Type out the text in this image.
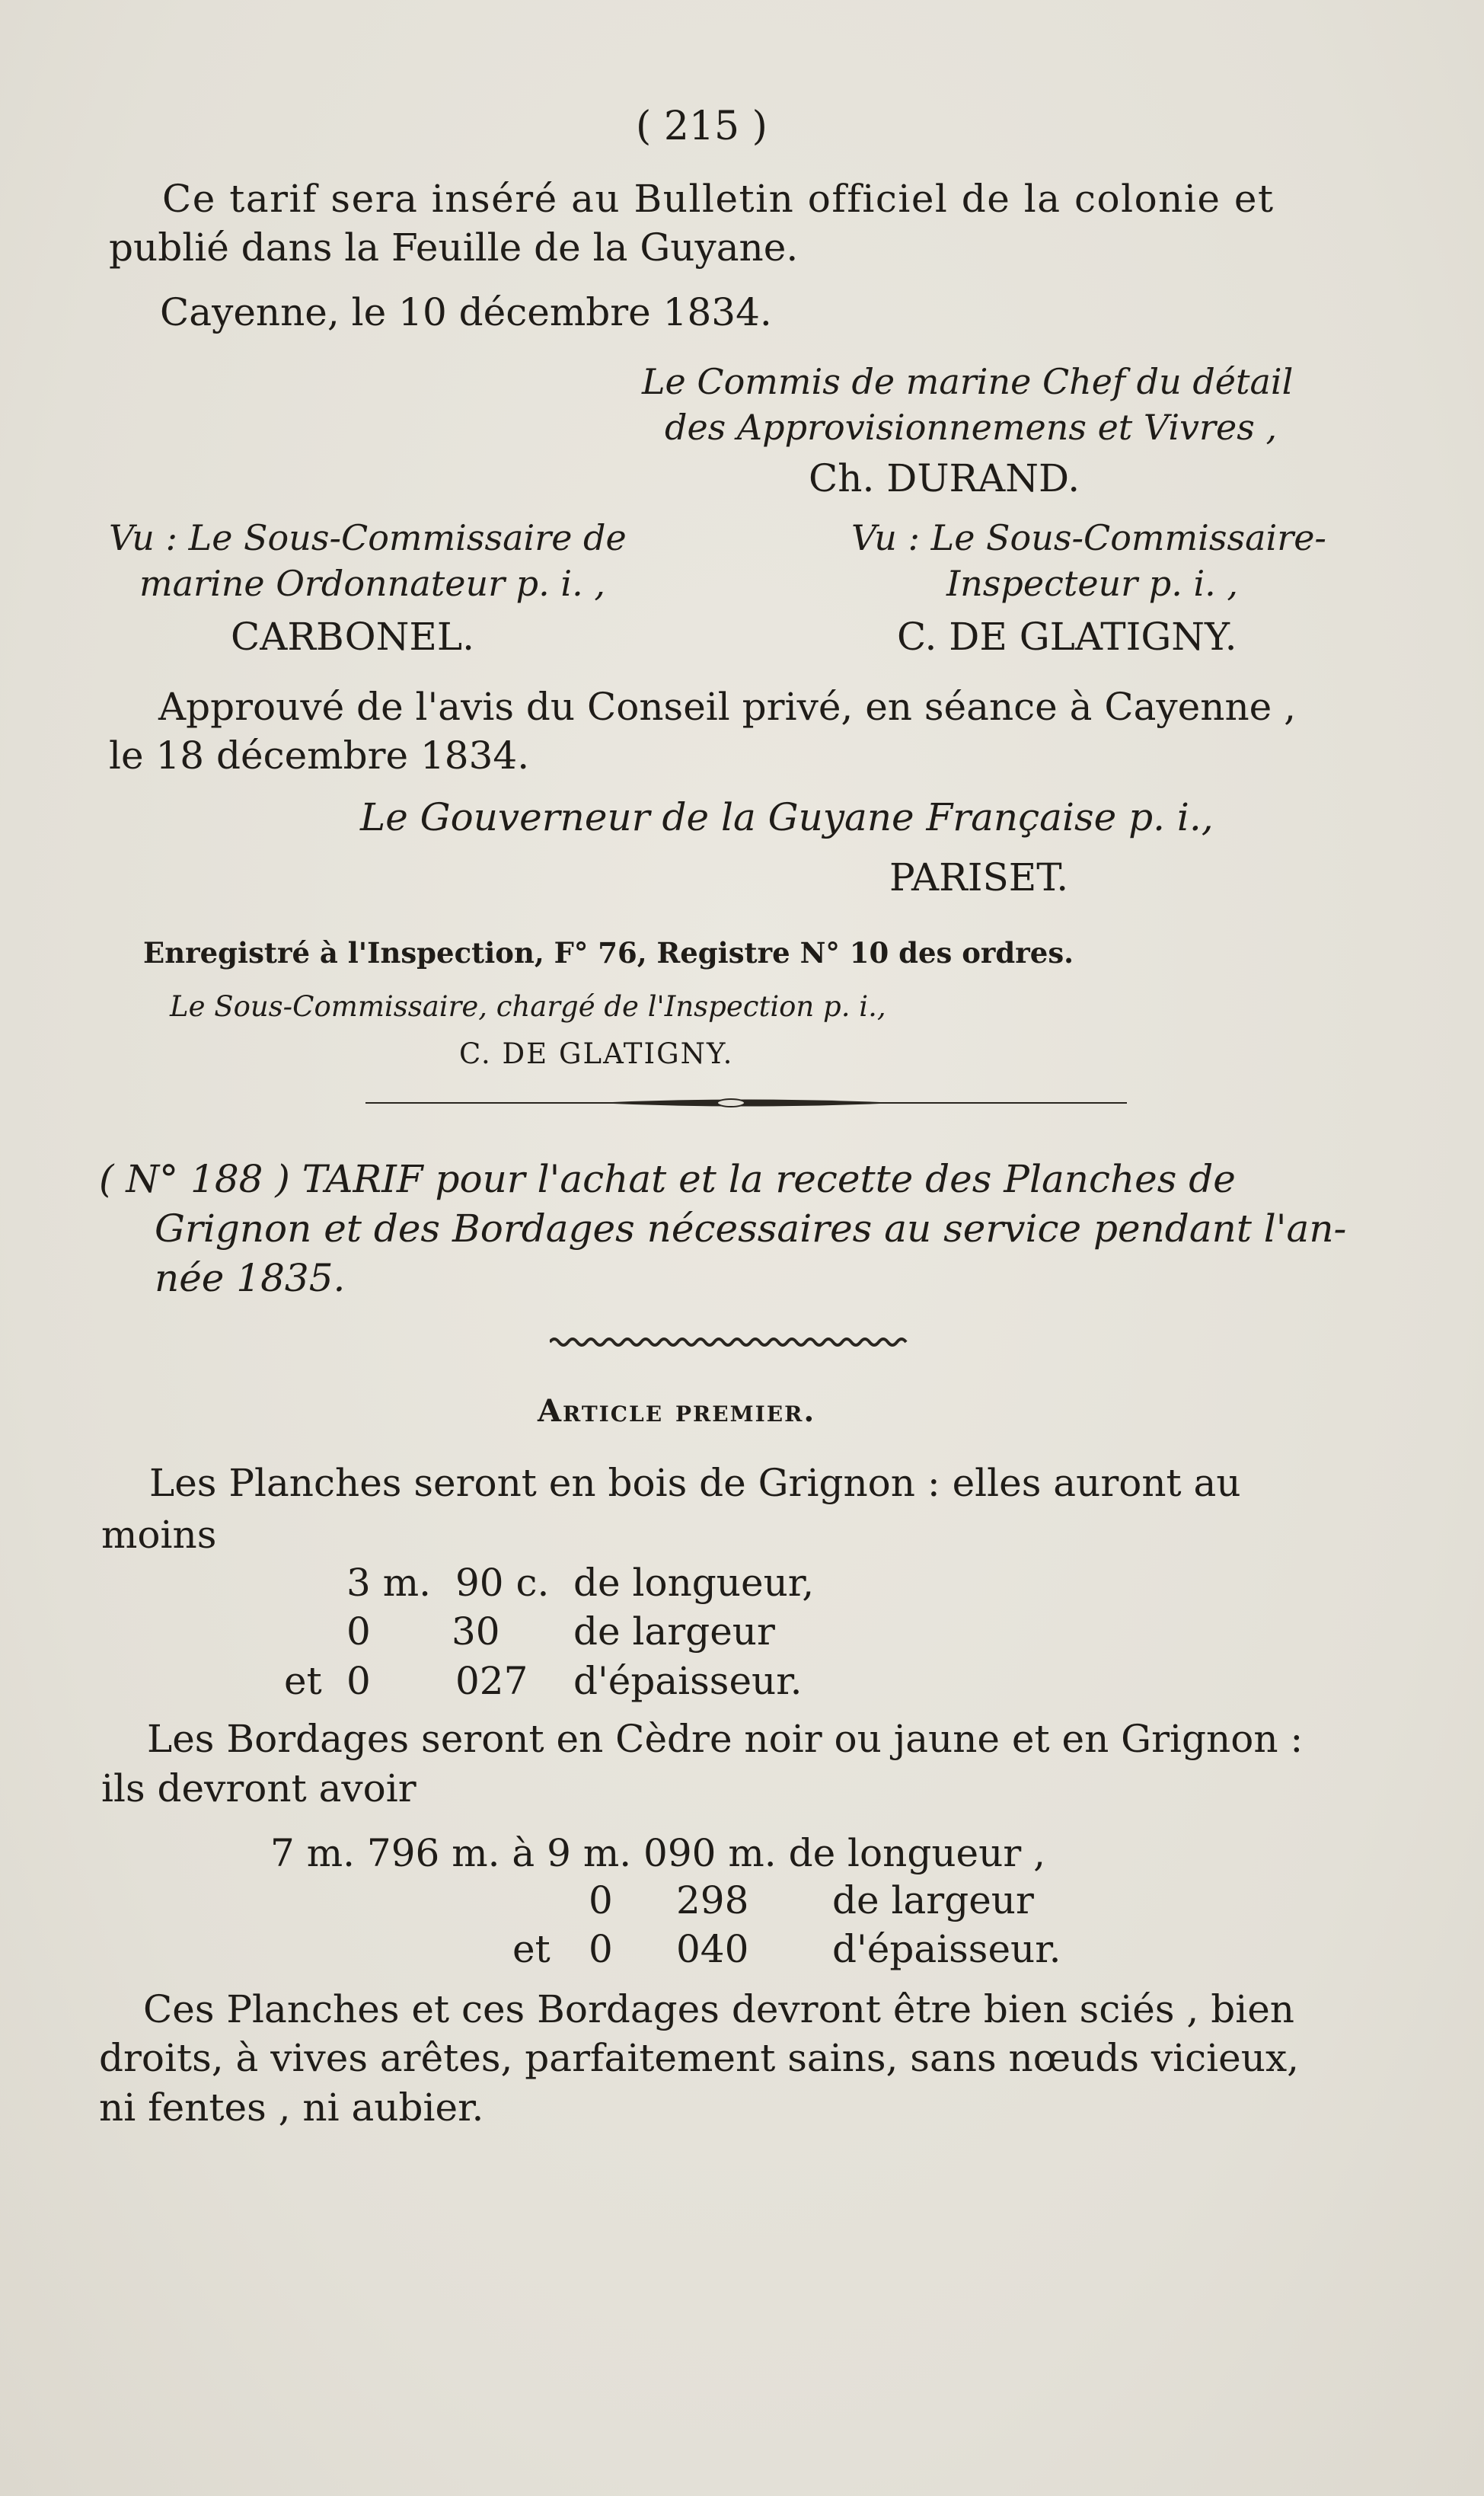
( 215 )
Ce tarif sera inséré au Bulletin officiel de la colonie et
publié dans la Feuille de la Guyane.
Cayenne, le 10 décembre 1834.
Le Commis de marine Chef du détail
des Approvisionnemens et Vivres ,
Ch. DURAND.
Vu : Le Sous-Commissaire de
marine Ordonnateur p. i. ,
CARBONEL.
Vu : Le Sous-Commissaire-
Inspecteur p. i. ,
C. DE GLATIGNY.
Approuvé de l'avis du Conseil privé, en séance à Cayenne ,
le 18 décembre 1834.
Le Gouverneur de la Guyane Française p. i.,
PARISET.
Enregistré à l'Inspection, F° 76, Registre N° 10 des ordres.
Le Sous-Commissaire, chargé de l'Inspection p. i.,
C. DE GLATIGNY.
( N° 188 ) TARIF pour l'achat et la recette des Planches de
Grignon et des Bordages nécessaires au service pendant l'an-
née 1835.
Article premier.
Les Planches seront en bois de Grignon : elles auront au
moins
3 m. 90 c. de longueur,
0 30 de largeur
et 0 027 d'épaisseur.
Les Bordages seront en Cèdre noir ou jaune et en Grignon :
ils devront avoir
7 m. 796 m. à 9 m. 090 m. de longueur ,
0 298 de largeur
et 0 040 d'épaisseur.
Ces Planches et ces Bordages devront être bien sciés , bien
droits, à vives arêtes, parfaitement sains, sans nœuds vicieux,
ni fentes , ni aubier.
